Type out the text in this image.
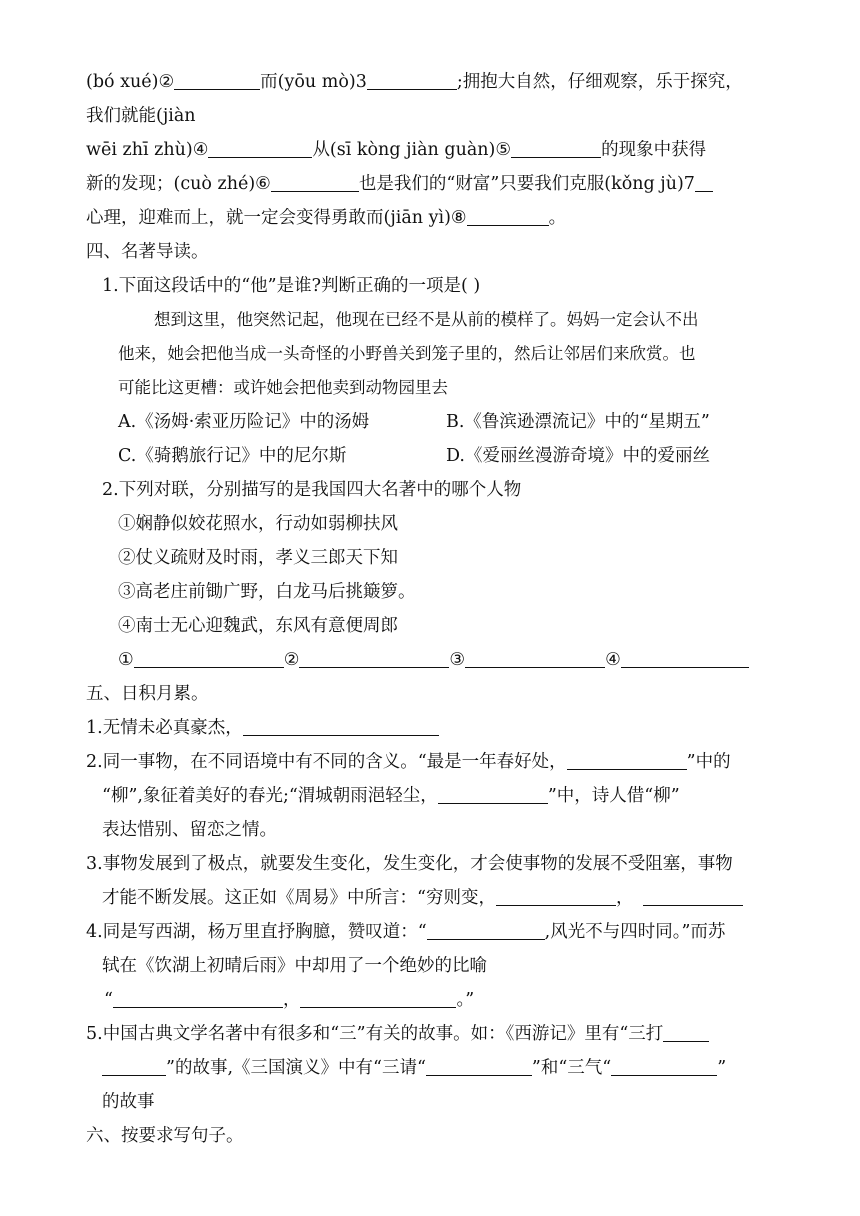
(bó xué)②	而(yōu mò)3	;拥抱大自然，仔细观察，乐于探究，
我们就能(jiàn
wēi zhī zhù)④	从(sī kòng jiàn guàn)⑤	的现象中获得
新的发现；(cuò zhé)⑥	也是我们的“财富”只要我们克服(kǒng jù)7
心理，迎难而上，就一定会变得勇敢而(jiān yì)⑧	。
四、名著导读。
1.下面这段话中的“他”是谁?判断正确的一项是( )
想到这里，他突然记起，他现在已经不是从前的模样了。妈妈一定会认不出
他来，她会把他当成一头奇怪的小野兽关到笼子里的，然后让邻居们来欣赏。也
可能比这更槽：或许她会把他卖到动物园里去
A.《汤姆·索亚历险记》中的汤姆	B.《鲁滨逊漂流记》中的“星期五”
C.《骑鹅旅行记》中的尼尔斯	D.《爱丽丝漫游奇境》中的爱丽丝
2.下列对联，分别描写的是我国四大名著中的哪个人物
①娴静似姣花照水，行动如弱柳扶风
②仗义疏财及时雨，孝义三郎天下知
③高老庄前锄广野，白龙马后挑簸箩。
④南士无心迎魏武，东风有意便周郎
①	②	③	④
五、日积月累。
1.无情未必真豪杰，
2.同一事物，在不同语境中有不同的含义。“最是一年春好处，	”中的
“柳”,象征着美好的春光;“渭城朝雨浥轻尘，	”中，诗人借“柳”
表达惜别、留恋之情。
3.事物发展到了极点，就要发生变化，发生变化，才会使事物的发展不受阻塞，事物
才能不断发展。这正如《周易》中所言：“穷则变，	，
4.同是写西湖，杨万里直抒胸臆，赞叹道：“	,风光不与四时同。”而苏
轼在《饮湖上初晴后雨》中却用了一个绝妙的比喻
“	，	。”
5.中国古典文学名著中有很多和“三”有关的故事。如：《西游记》里有“三打
”的故事,《三国演义》中有“三请“	”和“三气“	”
的故事
六、按要求写句子。
